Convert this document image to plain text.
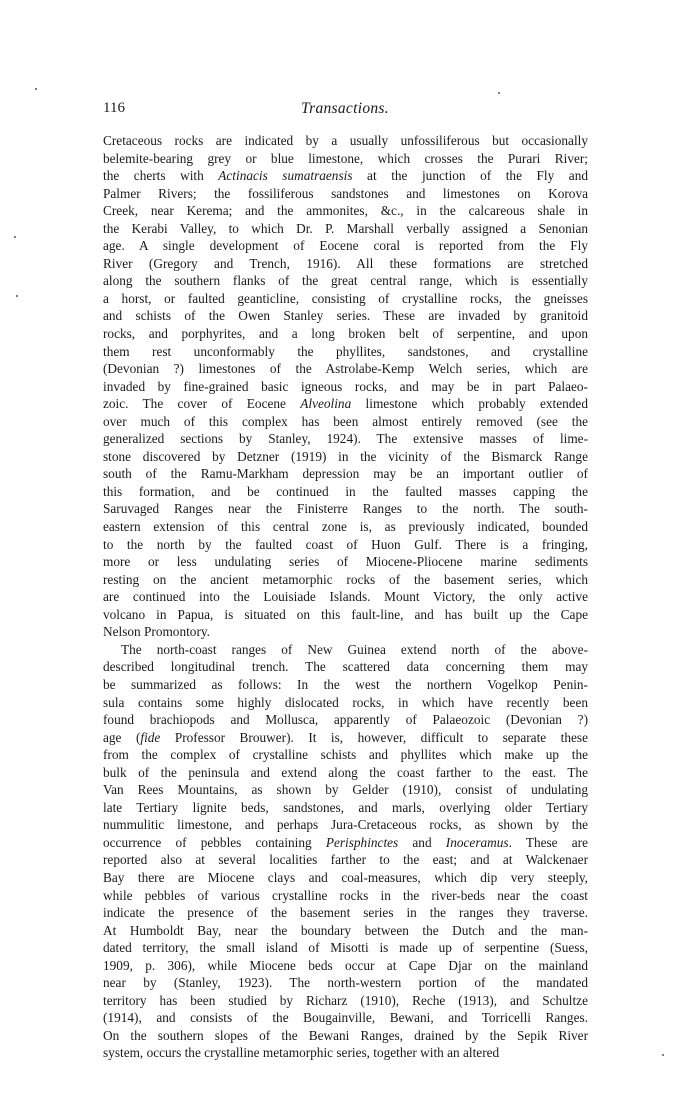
116	Transactions.
Cretaceous rocks are indicated by a usually unfossiliferous but occasionally
belemite-bearing grey or blue limestone, which crosses the Purari River;
the cherts with Actinacis sumatraensis at the junction of the Fly and
Palmer Rivers; the fossiliferous sandstones and limestones on Korova
Creek, near Kerema; and the ammonites, &c., in the calcareous shale in
the Kerabi Valley, to which Dr. P. Marshall verbally assigned a Senonian
age. A single development of Eocene coral is reported from the Fly
River (Gregory and Trench, 1916). All these formations are stretched
along the southern flanks of the great central range, which is essentially
a horst, or faulted geanticline, consisting of crystalline rocks, the gneisses
and schists of the Owen Stanley series. These are invaded by granitoid
rocks, and porphyrites, and a long broken belt of serpentine, and upon
them rest unconformably the phyllites, sandstones, and crystalline
(Devonian ?) limestones of the Astrolabe-Kemp Welch series, which are
invaded by fine-grained basic igneous rocks, and may be in part Palaeo-
zoic. The cover of Eocene Alveolina limestone which probably extended
over much of this complex has been almost entirely removed (see the
generalized sections by Stanley, 1924). The extensive masses of lime-
stone discovered by Detzner (1919) in the vicinity of the Bismarck Range
south of the Ramu-Markham depression may be an important outlier of
this formation, and be continued in the faulted masses capping the
Saruvaged Ranges near the Finisterre Ranges to the north. The south-
eastern extension of this central zone is, as previously indicated, bounded
to the north by the faulted coast of Huon Gulf. There is a fringing,
more or less undulating series of Miocene-Pliocene marine sediments
resting on the ancient metamorphic rocks of the basement series, which
are continued into the Louisiade Islands. Mount Victory, the only active
volcano in Papua, is situated on this fault-line, and has built up the Cape
Nelson Promontory.
The north-coast ranges of New Guinea extend north of the above-
described longitudinal trench. The scattered data concerning them may
be summarized as follows: In the west the northern Vogelkop Penin-
sula contains some highly dislocated rocks, in which have recently been
found brachiopods and Mollusca, apparently of Palaeozoic (Devonian ?)
age (fide Professor Brouwer). It is, however, difficult to separate these
from the complex of crystalline schists and phyllites which make up the
bulk of the peninsula and extend along the coast farther to the east. The
Van Rees Mountains, as shown by Gelder (1910), consist of undulating
late Tertiary lignite beds, sandstones, and marls, overlying older Tertiary
nummulitic limestone, and perhaps Jura-Cretaceous rocks, as shown by the
occurrence of pebbles containing Perisphinctes and Inoceramus. These are
reported also at several localities farther to the east; and at Walckenaer
Bay there are Miocene clays and coal-measures, which dip very steeply,
while pebbles of various crystalline rocks in the river-beds near the coast
indicate the presence of the basement series in the ranges they traverse.
At Humboldt Bay, near the boundary between the Dutch and the man-
dated territory, the small island of Misotti is made up of serpentine (Suess,
1909, p. 306), while Miocene beds occur at Cape Djar on the mainland
near by (Stanley, 1923). The north-western portion of the mandated
territory has been studied by Richarz (1910), Reche (1913), and Schultze
(1914), and consists of the Bougainville, Bewani, and Torricelli Ranges.
On the southern slopes of the Bewani Ranges, drained by the Sepik River
system, occurs the crystalline metamorphic series, together with an altered
